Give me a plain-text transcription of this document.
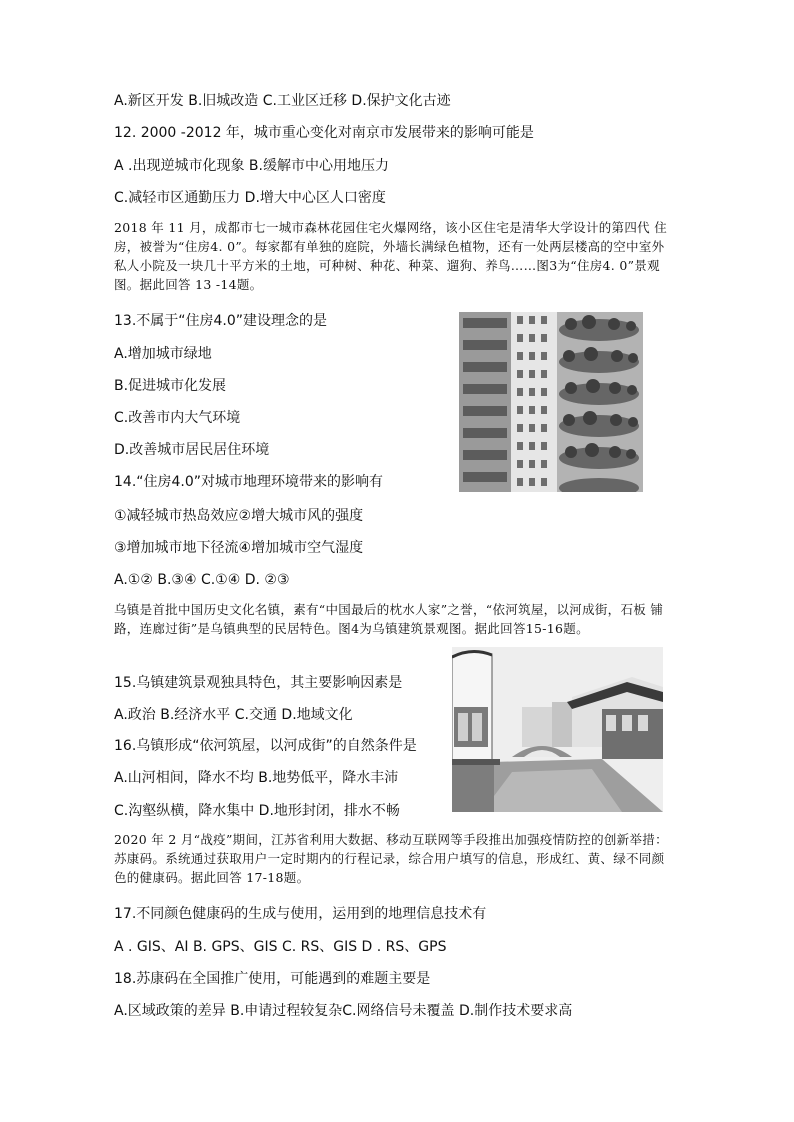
A.新区开发 B.旧城改造 C.工业区迁移 D.保护文化古迹
12. 2000 -2012 年，城市重心变化对南京市发展带来的影响可能是
A .出现逆城市化现象 B.缓解市中心用地压力
C.减轻市区通勤压力 D.增大中心区人口密度
2018 年 11 月，成都市七一城市森林花园住宅火爆网络，该小区住宅是清华大学设计的第四代 住房，被誉为“住房4. 0”。每家都有单独的庭院，外墙长满绿色植物，还有一处两层楼高的空中室外私人小院及一块几十平方米的土地，可种树、种花、种菜、遛狗、养鸟……图3为“住房4. 0”景观图。据此回答 13 -14题。
13.不属于“住房4.0”建设理念的是
A.增加城市绿地
B.促进城市化发展
C.改善市内大气环境
D.改善城市居民居住环境
14.“住房4.0”对城市地理环境带来的影响有
①减轻城市热岛效应②增大城市风的强度
③增加城市地下径流④增加城市空气湿度
A.①② B.③④ C.①④ D. ②③
乌镇是首批中国历史文化名镇，素有“中国最后的枕水人家”之誉，“依河筑屋，以河成街，石板 铺路，连廊过街”是乌镇典型的民居特色。图4为乌镇建筑景观图。据此回答15-16题。
15.乌镇建筑景观独具特色，其主要影响因素是
A.政治 B.经济水平 C.交通 D.地域文化
16.乌镇形成“依河筑屋，以河成街”的自然条件是
A.山河相间，降水不均 B.地势低平，降水丰沛
C.沟壑纵横，降水集中 D.地形封闭，排水不畅
2020 年 2 月“战疫”期间，江苏省利用大数据、移动互联网等手段推出加强疫情防控的创新举措：苏康码。系统通过获取用户一定时期内的行程记录，综合用户填写的信息，形成红、黄、绿不同颜色的健康码。据此回答 17-18题。
17.不同颜色健康码的生成与使用，运用到的地理信息技术有
A . GIS、AI B. GPS、GIS C. RS、GIS D . RS、GPS
18.苏康码在全国推广使用，可能遇到的难题主要是
A.区域政策的差异 B.申请过程较复杂C.网络信号未覆盖 D.制作技术要求高
